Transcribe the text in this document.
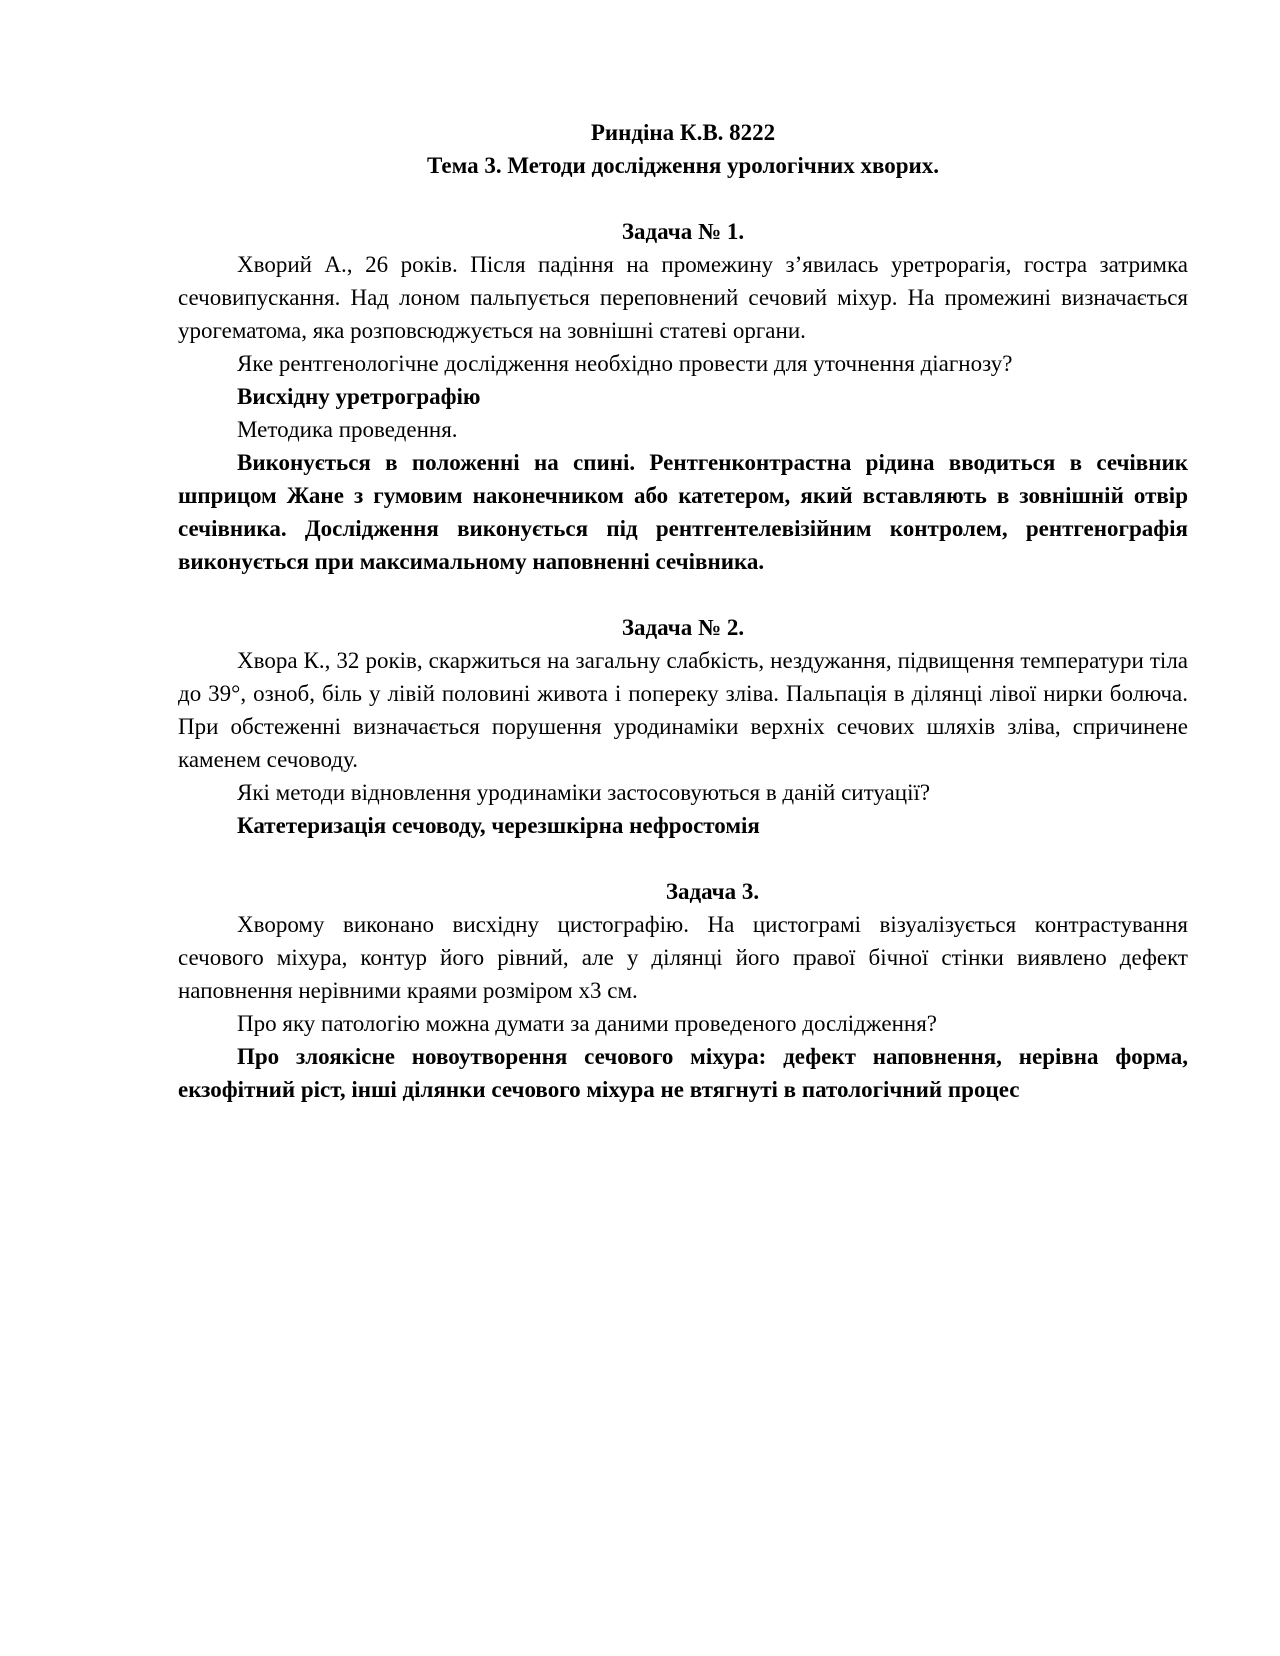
Риндіна К.В. 8222

Тема 3. Методи дослідження урологічних хворих.

Задача № 1.

Хворий А., 26 років. Після падіння на промежину з’явилась уретрорагія, гостра затримка сечовипускання. Над лоном пальпується переповнений сечовий міхур. На промежині визначається урогематома, яка розповсюджується на зовнішні статеві органи.

Яке рентгенологічне дослідження необхідно провести для уточнення діагнозу?

Висхідну уретрографію

Методика проведення.

Виконується в положенні на спині. Рентгенконтрастна рідина вводиться в сечівник шприцом Жане з гумовим наконечником або катетером, який вставляють в зовнішній отвір сечівника. Дослідження виконується під рентгентелевізійним контролем, рентгенографія виконується при максимальному наповненні сечівника.

Задача № 2.

Хвора К., 32 років, скаржиться на загальну слабкість, нездужання, підвищення температури тіла до 39°, озноб, біль у лівій половині живота і попереку зліва. Пальпація в ділянці лівої нирки болюча. При обстеженні визначається порушення уродинаміки верхніх сечових шляхів зліва, спричинене каменем сечоводу.

Які методи відновлення уродинаміки застосовуються в даній ситуації?

Катетеризація сечоводу, черезшкірна нефростомія

Задача 3.

Хворому виконано висхідну цистографію. На цистограмі візуалізується контрастування сечового міхура, контур його рівний, але у ділянці його правої бічної стінки виявлено дефект наповнення нерівними краями розміром х3 см.

Про яку патологію можна думати за даними проведеного дослідження?

Про злоякісне новоутворення сечового міхура: дефект наповнення, нерівна форма, екзофітний ріст, інші ділянки сечового міхура не втягнуті в патологічний процес
